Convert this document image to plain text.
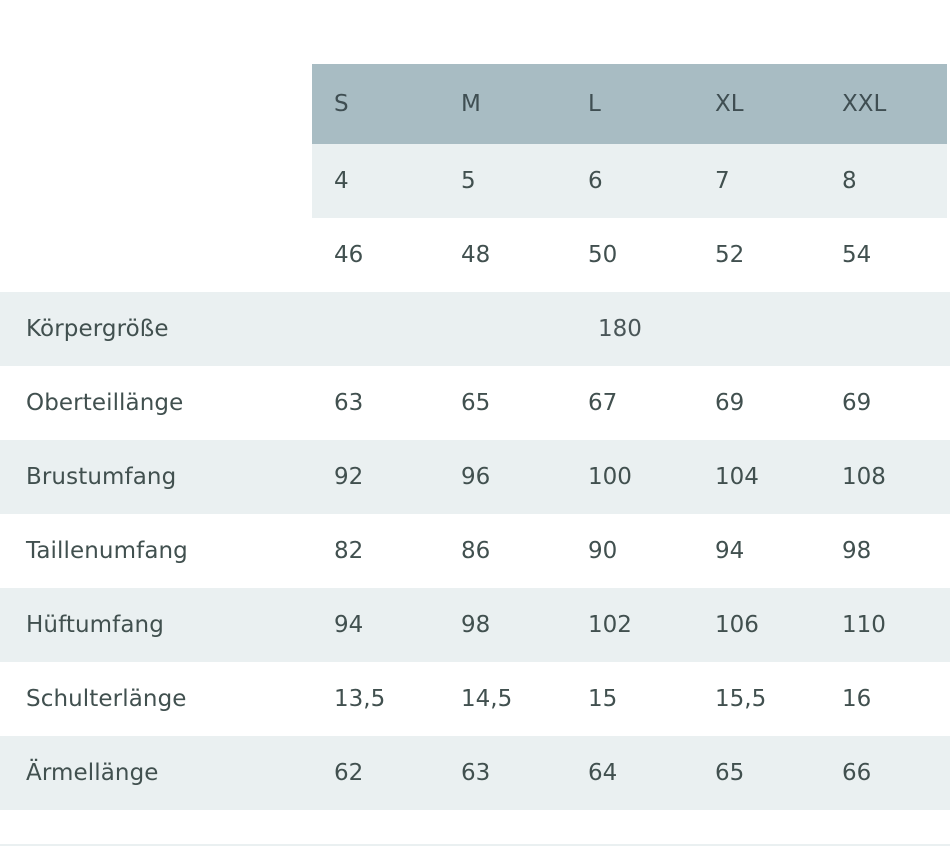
	S	M	L	XL	XXL	
	4	5	6	7	8	
	46	48	50	52	54	
Körpergröße	180					
Oberteillänge	63	65	67	69	69	
Brustumfang	92	96	100	104	108	
Taillenumfang	82	86	90	94	98	
Hüftumfang	94	98	102	106	110	
Schulterlänge	13,5	14,5	15	15,5	16	
Ärmellänge	62	63	64	65	66	
